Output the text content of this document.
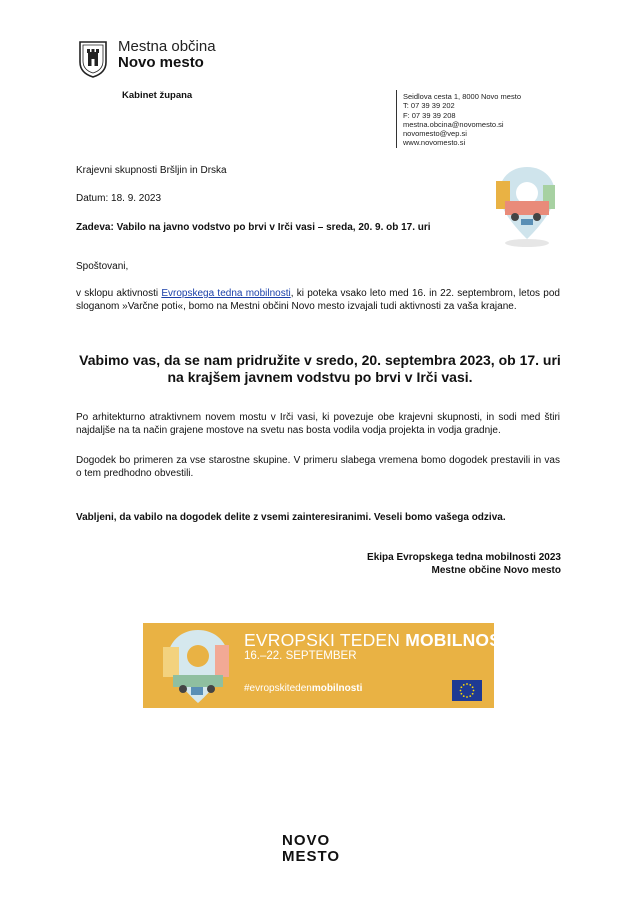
Mestna občina
Novo mesto
Kabinet župana	Seidlova cesta 1, 8000 Novo mesto
T: 07 39 39 202
F: 07 39 39 208
mestna.obcina@novomesto.si
novomesto@vep.si
www.novomesto.si
Krajevni skupnosti Bršljin in Drska
Datum: 18. 9. 2023
Zadeva: Vabilo na javno vodstvo po brvi v Irči vasi – sreda, 20. 9. ob 17. uri
Spoštovani,
v sklopu aktivnosti Evropskega tedna mobilnosti, ki poteka vsako leto med 16. in 22. septembrom, letos pod sloganom »Varčne poti«, bomo na Mestni občini Novo mesto izvajali tudi aktivnosti za vaša krajane.
Vabimo vas, da se nam pridružite v sredo, 20. septembra 2023, ob 17. uri na krajšem javnem vodstvu po brvi v Irči vasi.
Po arhitekturno atraktivnem novem mostu v Irči vasi, ki povezuje obe krajevni skupnosti, in sodi med štiri najdaljše na ta način grajene mostove na svetu nas bosta vodila vodja projekta in vodja gradnje.
Dogodek bo primeren za vse starostne skupine. V primeru slabega vremena bomo dogodek prestavili in vas o tem predhodno obvestili.
Vabljeni, da vabilo na dogodek delite z vsemi zainteresiranimi. Veseli bomo vašega odziva.
Ekipa Evropskega tedna mobilnosti 2023
Mestne občine Novo mesto
EVROPSKI TEDEN MOBILNOSTI
16.–22. SEPTEMBER
#evropskitedenmobilnosti
NOVO
MESTO
